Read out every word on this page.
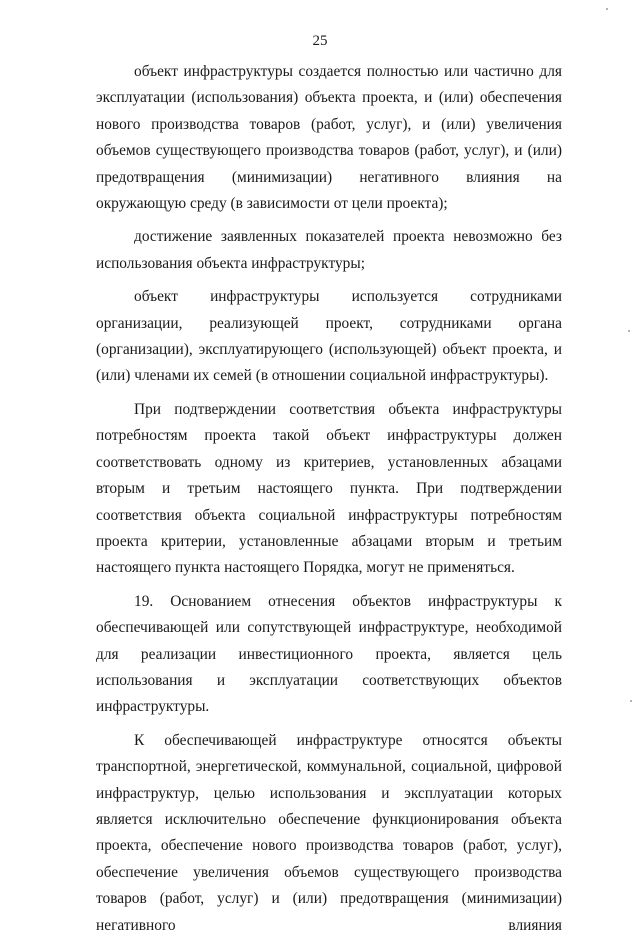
25

объект инфраструктуры создается полностью или частично для эксплуатации (использования) объекта проекта, и (или) обеспечения нового производства товаров (работ, услуг), и (или) увеличения объемов существующего производства товаров (работ, услуг), и (или) предотвращения (минимизации) негативного влияния на окружающую среду (в зависимости от цели проекта);

достижение заявленных показателей проекта невозможно без использования объекта инфраструктуры;

объект инфраструктуры используется сотрудниками организации, реализующей проект, сотрудниками органа (организации), эксплуатирующего (использующей) объект проекта, и (или) членами их семей (в отношении социальной инфраструктуры).

При подтверждении соответствия объекта инфраструктуры потребностям проекта такой объект инфраструктуры должен соответствовать одному из критериев, установленных абзацами вторым и третьим настоящего пункта. При подтверждении соответствия объекта социальной инфраструктуры потребностям проекта критерии, установленные абзацами вторым и третьим настоящего пункта настоящего Порядка, могут не применяться.

19. Основанием отнесения объектов инфраструктуры к обеспечивающей или сопутствующей инфраструктуре, необходимой для реализации инвестиционного проекта, является цель использования и эксплуатации соответствующих объектов инфраструктуры.

К обеспечивающей инфраструктуре относятся объекты транспортной, энергетической, коммунальной, социальной, цифровой инфраструктур, целью использования и эксплуатации которых является исключительно обеспечение функционирования объекта проекта, обеспечение нового производства товаров (работ, услуг), обеспечение увеличения объемов существующего производства товаров (работ, услуг) и (или) предотвращения (минимизации) негативного влияния
